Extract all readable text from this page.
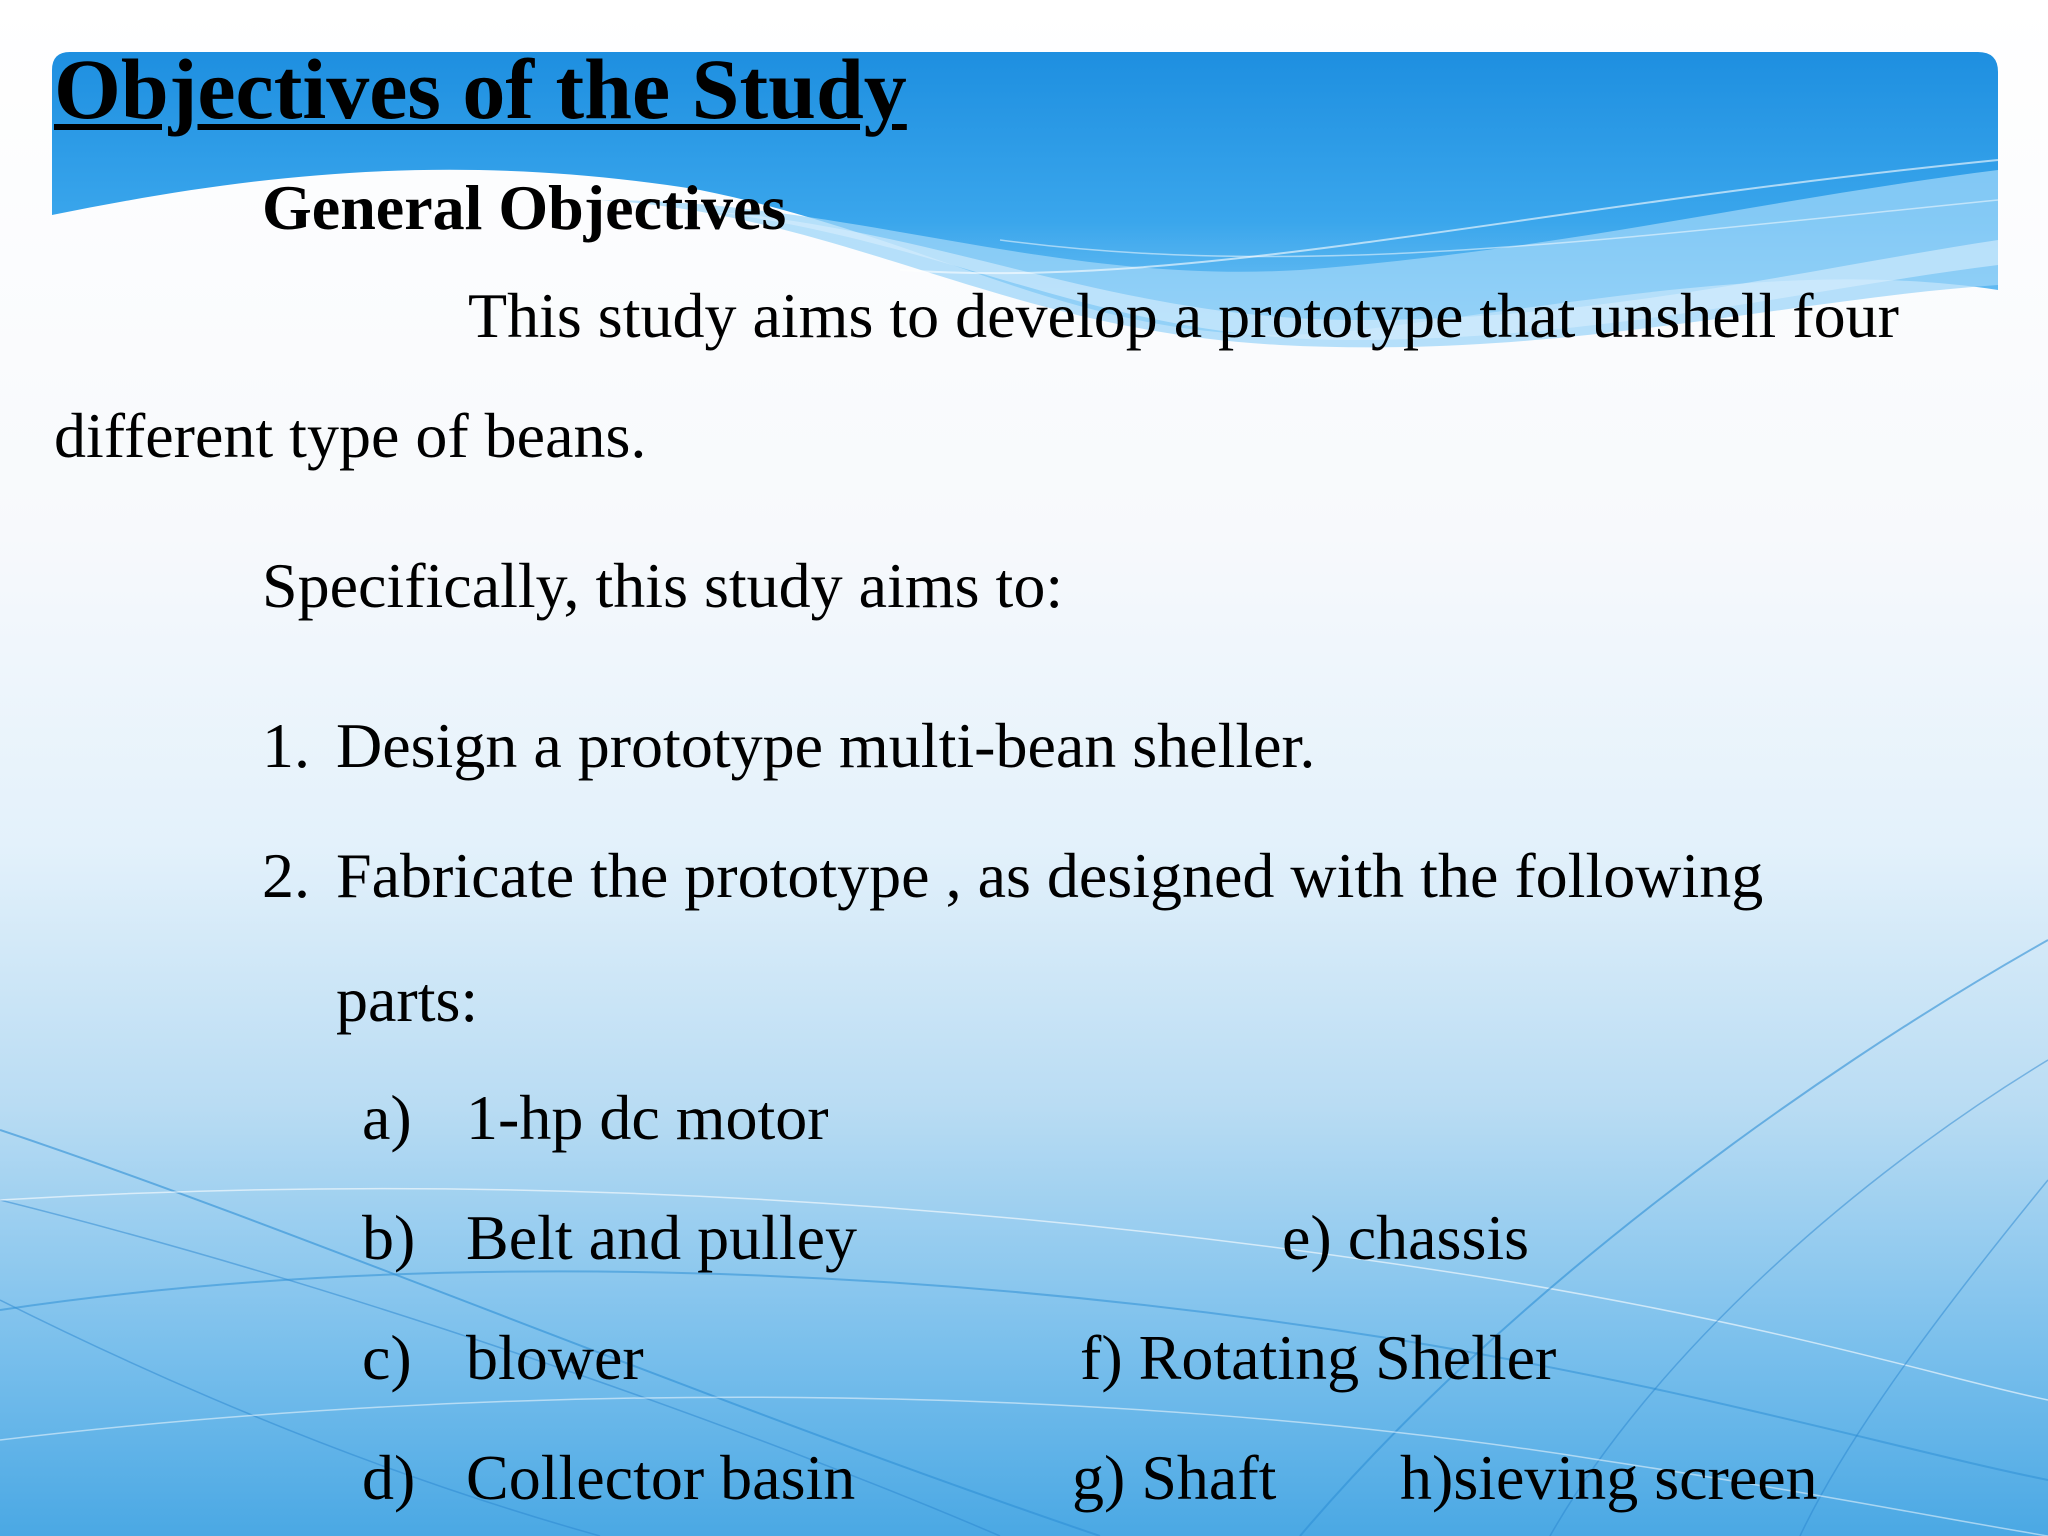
Objectives of the Study
General Objectives
This study aims to develop a prototype that unshell four
different type of beans.
Specifically, this study aims to:
1. Design a prototype multi-bean sheller.
2. Fabricate the prototype , as designed with the following
parts:
a) 1-hp dc motor
b) Belt and pulley	e) chassis
c) blower	f) Rotating Sheller
d) Collector basin	g) Shaft h)sieving screen
